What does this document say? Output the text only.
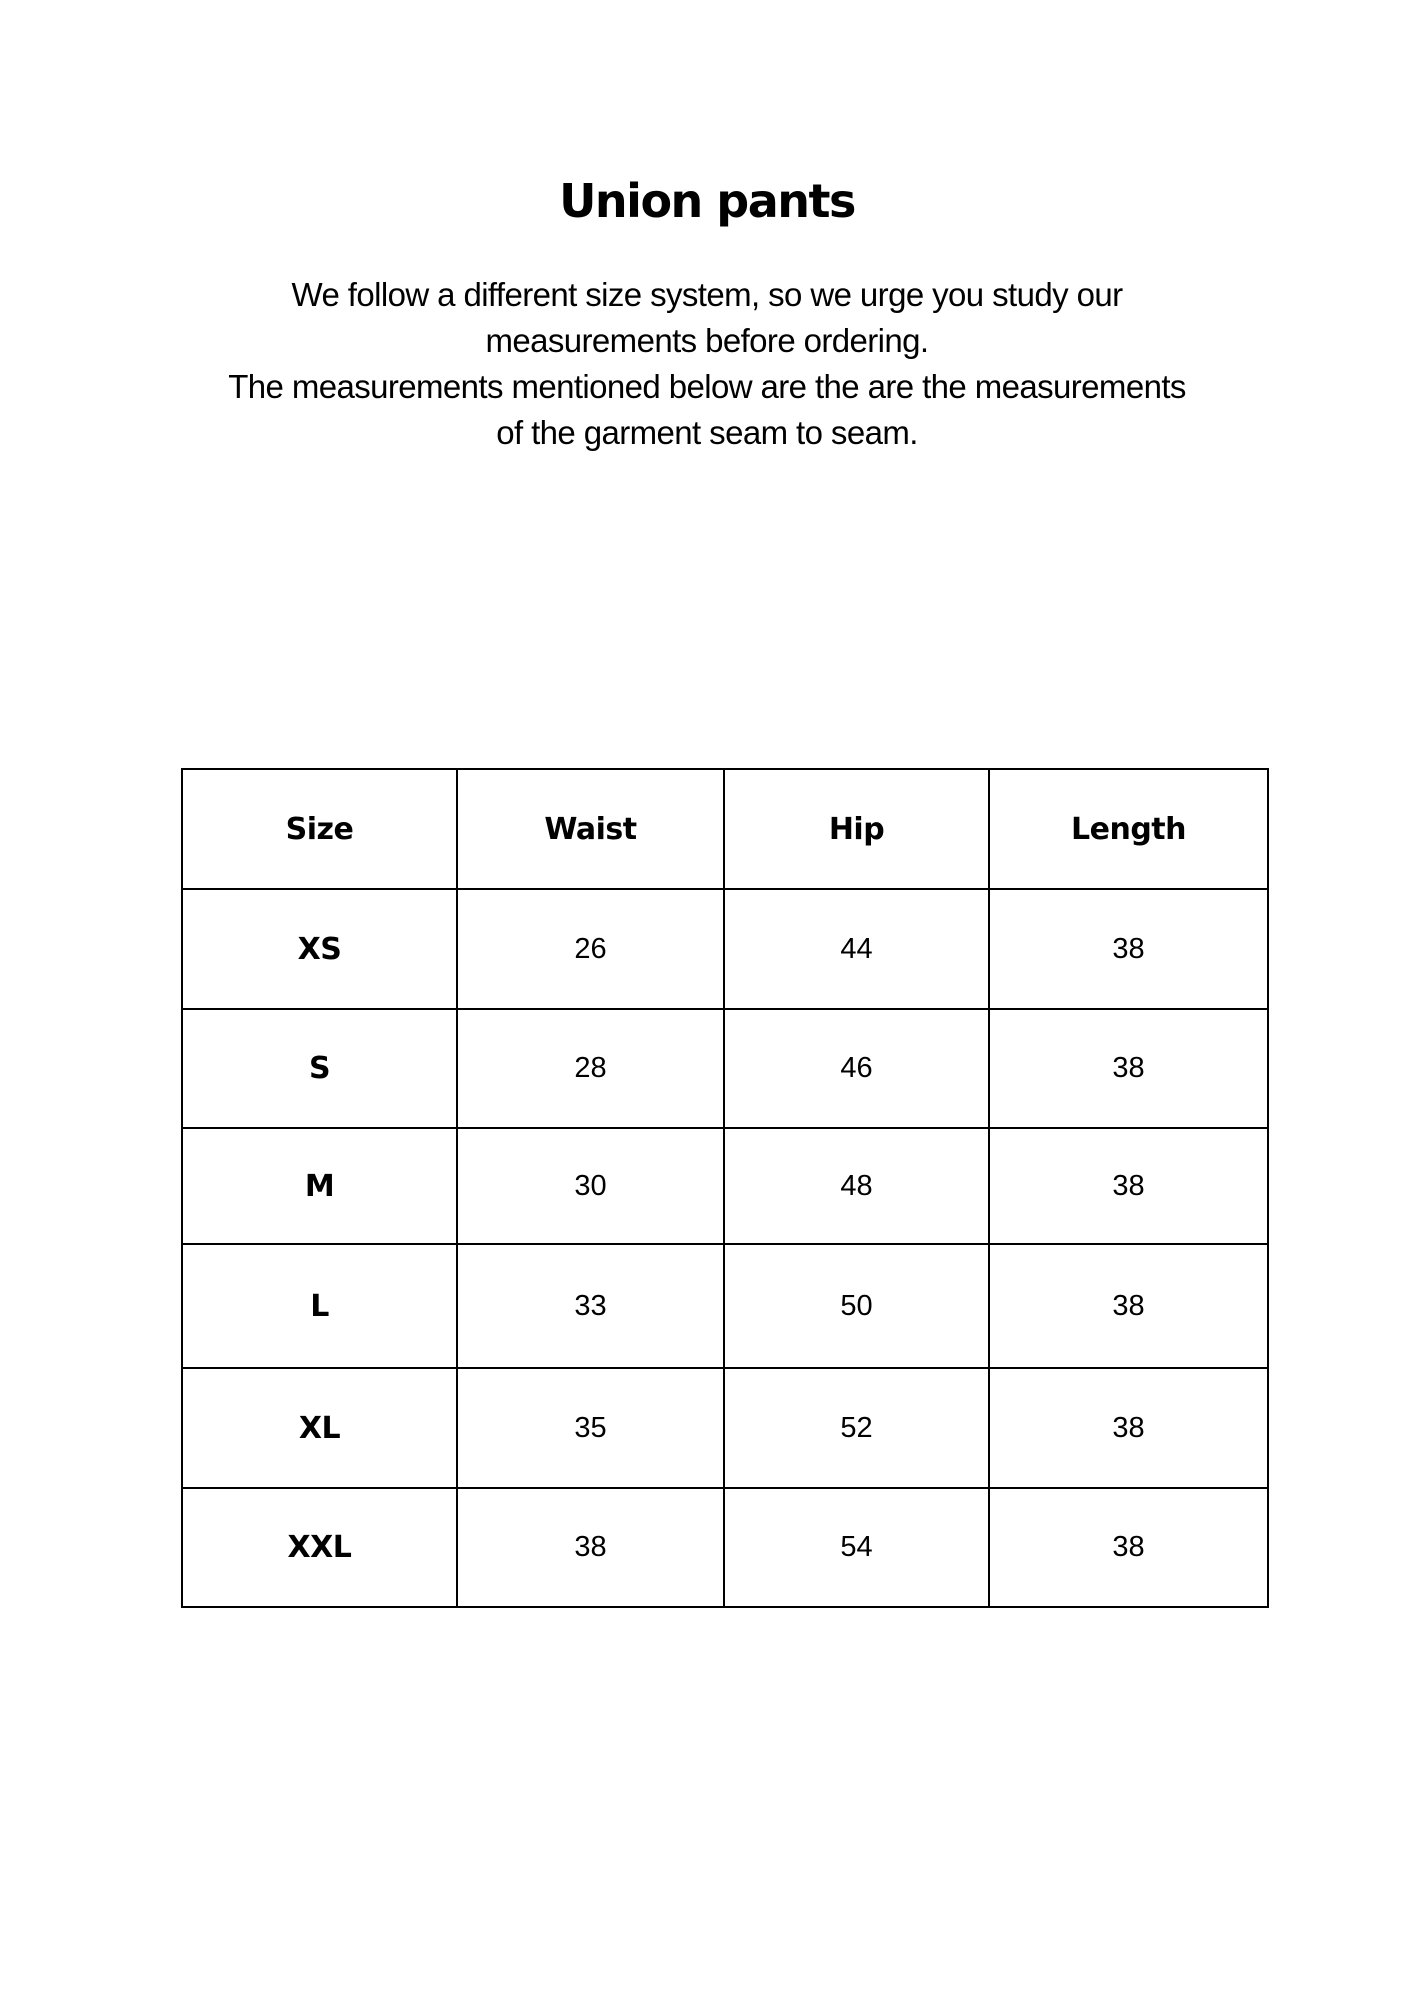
Union pants

We follow a different size system, so we urge you study our

measurements before ordering.

The measurements mentioned below are the are the measurements

of the garment seam to seam.

Size	Waist	Hip	Length
XS	26	44	38
S	28	46	38
M	30	48	38
L	33	50	38
XL	35	52	38
XXL	38	54	38
